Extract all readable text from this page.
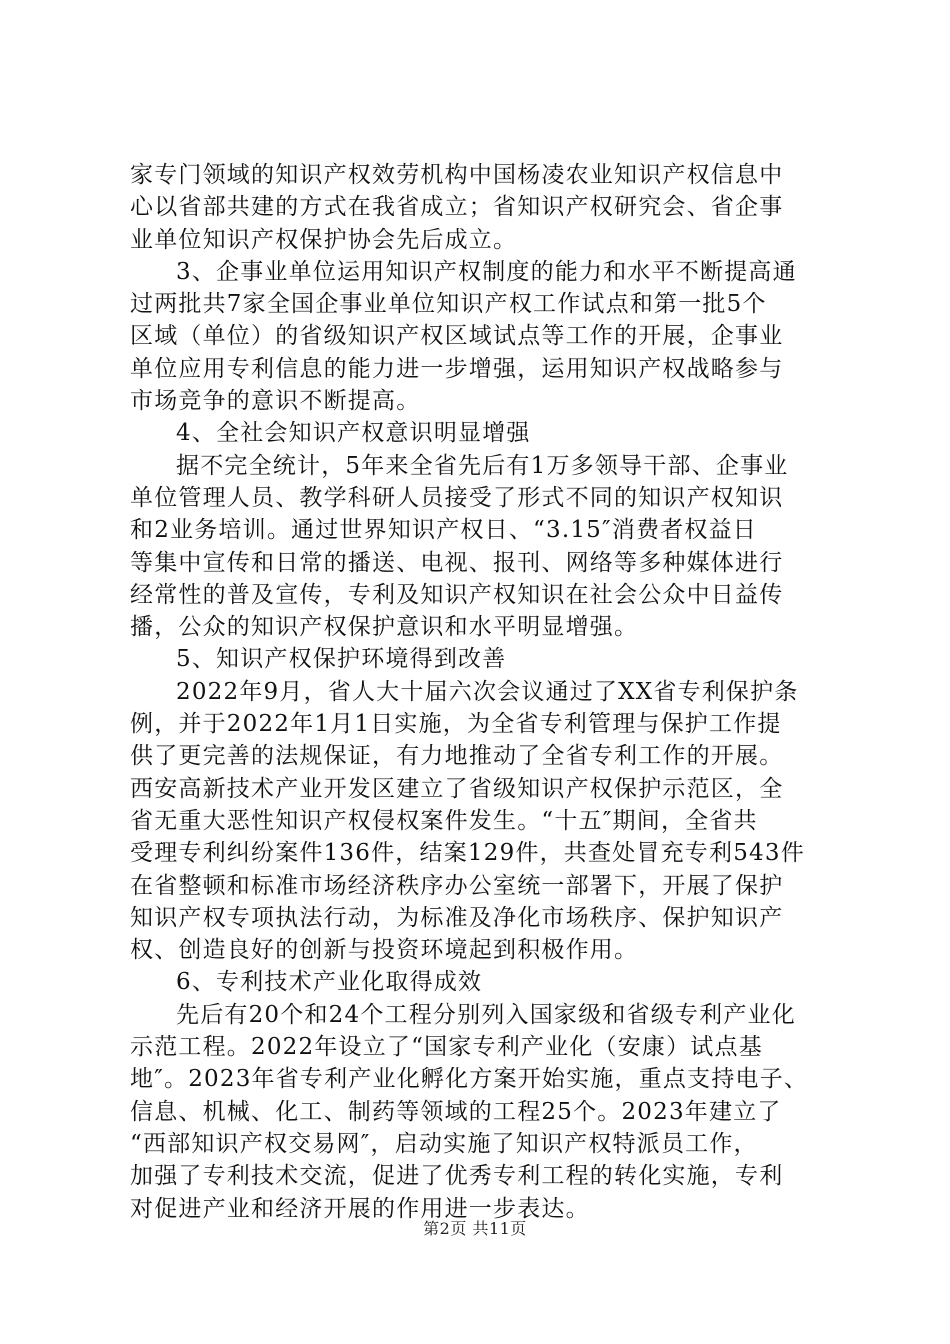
家专门领域的知识产权效劳机构中国杨凌农业知识产权信息中
心以省部共建的方式在我省成立；省知识产权研究会、省企事
业单位知识产权保护协会先后成立。
3、企事业单位运用知识产权制度的能力和水平不断提高通
过两批共7家全国企事业单位知识产权工作试点和第一批5个
区域（单位）的省级知识产权区域试点等工作的开展，企事业
单位应用专利信息的能力进一步增强，运用知识产权战略参与
市场竞争的意识不断提高。
4、全社会知识产权意识明显增强
据不完全统计，5年来全省先后有1万多领导干部、企事业
单位管理人员、教学科研人员接受了形式不同的知识产权知识
和2业务培训。通过世界知识产权日、“3.15″消费者权益日
等集中宣传和日常的播送、电视、报刊、网络等多种媒体进行
经常性的普及宣传，专利及知识产权知识在社会公众中日益传
播，公众的知识产权保护意识和水平明显增强。
5、知识产权保护环境得到改善
2022年9月，省人大十届六次会议通过了XX省专利保护条
例，并于2022年1月1日实施，为全省专利管理与保护工作提
供了更完善的法规保证，有力地推动了全省专利工作的开展。
西安高新技术产业开发区建立了省级知识产权保护示范区，全
省无重大恶性知识产权侵权案件发生。“十五″期间，全省共
受理专利纠纷案件136件，结案129件，共查处冒充专利543件
在省整顿和标准市场经济秩序办公室统一部署下，开展了保护
知识产权专项执法行动，为标准及净化市场秩序、保护知识产
权、创造良好的创新与投资环境起到积极作用。
6、专利技术产业化取得成效
先后有20个和24个工程分别列入国家级和省级专利产业化
示范工程。2022年设立了“国家专利产业化（安康）试点基
地″。2023年省专利产业化孵化方案开始实施，重点支持电子、
信息、机械、化工、制药等领域的工程25个。2023年建立了
“西部知识产权交易网″，启动实施了知识产权特派员工作，
加强了专利技术交流，促进了优秀专利工程的转化实施，专利
对促进产业和经济开展的作用进一步表达。
第2页 共11页
